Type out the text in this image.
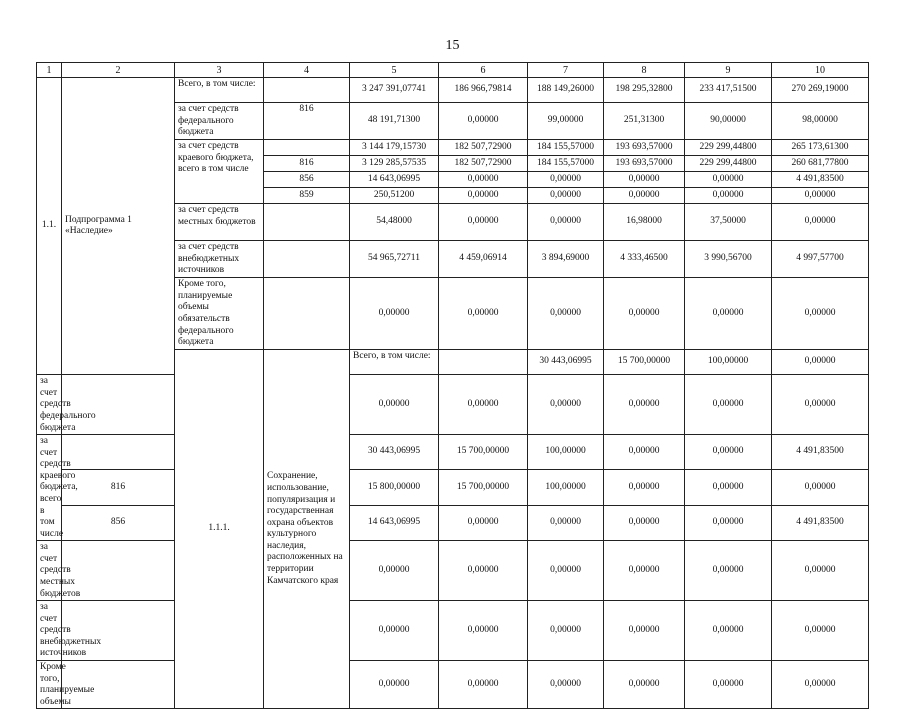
15
1	2	3	4	5	6	7	8	9	10	
1.1.	Подпрограмма 1 «Наследие»	Всего, в том числе:		3 247 391,07741	186 966,79814	188 149,26000	198 295,32800	233 417,51500	270 269,19000	
		за счет средств федерального бюджета	816	48 191,71300	0,00000	99,00000	251,31300	90,00000	98,00000	
		за счет средств краевого бюджета, всего в том числе		3 144 179,15730	182 507,72900	184 155,57000	193 693,57000	229 299,44800	265 173,61300	
			816	3 129 285,57535	182 507,72900	184 155,57000	193 693,57000	229 299,44800	260 681,77800	
			856	14 643,06995	0,00000	0,00000	0,00000	0,00000	4 491,83500	
			859	250,51200	0,00000	0,00000	0,00000	0,00000	0,00000	
		за счет средств местных бюджетов		54,48000	0,00000	0,00000	16,98000	37,50000	0,00000	
		за счет средств внебюджетных источников		54 965,72711	4 459,06914	3 894,69000	4 333,46500	3 990,56700	4 997,57700	
		Кроме того, планируемые объемы обязательств федерального бюджета		0,00000	0,00000	0,00000	0,00000	0,00000	0,00000	
		1.1.1.	Сохранение, использование, популяризация и государственная охрана объектов культурного наследия, расположенных на территории Камчатского края	Всего, в том числе:		30 443,06995	15 700,00000	100,00000	0,00000		
за счет средств федерального бюджета				0,00000	0,00000	0,00000	0,00000	0,00000	0,00000	
за счет средств краевого бюджета, всего в том числе				30 443,06995	15 700,00000	100,00000	0,00000	0,00000	4 491,83500	
	816			15 800,00000	15 700,00000	100,00000	0,00000	0,00000	0,00000	
	856			14 643,06995	0,00000	0,00000	0,00000	0,00000	4 491,83500	
за счет средств местных бюджетов				0,00000	0,00000	0,00000	0,00000	0,00000	0,00000	
за счет средств внебюджетных источников				0,00000	0,00000	0,00000	0,00000	0,00000	0,00000	
Кроме того, планируемые объемы				0,00000	0,00000	0,00000	0,00000	0,00000	0,00000	
